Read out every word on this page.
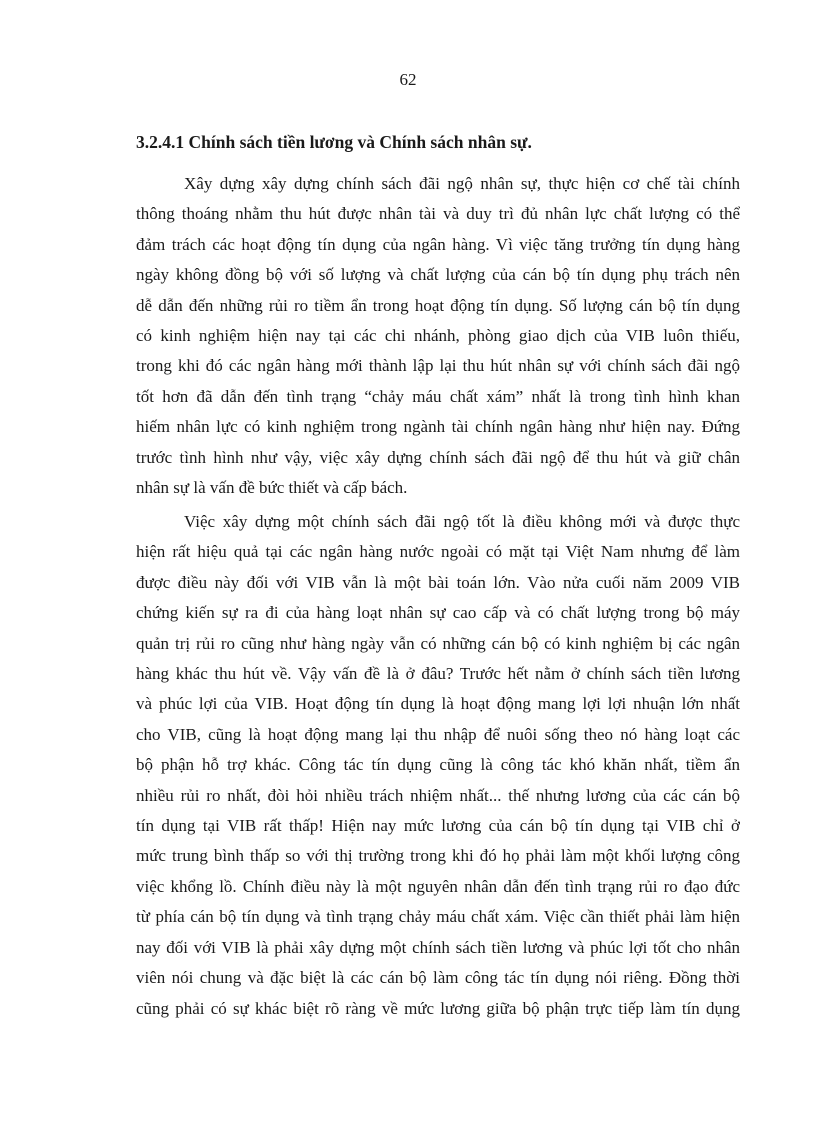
62
3.2.4.1 Chính sách tiền lương và Chính sách nhân sự.
Xây dựng xây dựng chính sách đãi ngộ nhân sự, thực hiện cơ chế tài chính
thông thoáng nhằm thu hút được nhân tài và duy trì đủ nhân lực chất lượng có thể
đảm trách các hoạt động tín dụng của ngân hàng. Vì việc tăng trưởng tín dụng hàng
ngày không đồng bộ với số lượng và chất lượng của cán bộ tín dụng phụ trách nên
dễ dẫn đến những rủi ro tiềm ẩn trong hoạt động tín dụng. Số lượng cán bộ tín dụng
có kinh nghiệm hiện nay tại các chi nhánh, phòng giao dịch của VIB luôn thiếu,
trong khi đó các ngân hàng mới thành lập lại thu hút nhân sự với chính sách đãi ngộ
tốt hơn đã dẫn đến tình trạng “chảy máu chất xám” nhất là trong tình hình khan
hiếm nhân lực có kinh nghiệm trong ngành tài chính ngân hàng như hiện nay. Đứng
trước tình hình như vậy, việc xây dựng chính sách đãi ngộ để thu hút và giữ chân
nhân sự là vấn đề bức thiết và cấp bách.
Việc xây dựng một chính sách đãi ngộ tốt là điều không mới và được thực
hiện rất hiệu quả tại các ngân hàng nước ngoài có mặt tại Việt Nam nhưng để làm
được điều này đối với VIB vẫn là một bài toán lớn. Vào nửa cuối năm 2009 VIB
chứng kiến sự ra đi của hàng loạt nhân sự cao cấp và có chất lượng trong bộ máy
quản trị rủi ro cũng như hàng ngày vẫn có những cán bộ có kinh nghiệm bị các ngân
hàng khác thu hút về. Vậy vấn đề là ở đâu? Trước hết nằm ở chính sách tiền lương
và phúc lợi của VIB. Hoạt động tín dụng là hoạt động mang lợi lợi nhuận lớn nhất
cho VIB, cũng là hoạt động mang lại thu nhập để nuôi sống theo nó hàng loạt các
bộ phận hỗ trợ khác. Công tác tín dụng cũng là công tác khó khăn nhất, tiềm ẩn
nhiều rủi ro nhất, đòi hỏi nhiều trách nhiệm nhất... thế nhưng lương của các cán bộ
tín dụng tại VIB rất thấp! Hiện nay mức lương của cán bộ tín dụng tại VIB chỉ ở
mức trung bình thấp so với thị trường trong khi đó họ phải làm một khối lượng công
việc khổng lồ. Chính điều này là một nguyên nhân dẫn đến tình trạng rủi ro đạo đức
từ phía cán bộ tín dụng và tình trạng chảy máu chất xám. Việc cần thiết phải làm hiện
nay đối với VIB là phải xây dựng một chính sách tiền lương và phúc lợi tốt cho nhân
viên nói chung và đặc biệt là các cán bộ làm công tác tín dụng nói riêng. Đồng thời
cũng phải có sự khác biệt rõ ràng về mức lương giữa bộ phận trực tiếp làm tín dụng
